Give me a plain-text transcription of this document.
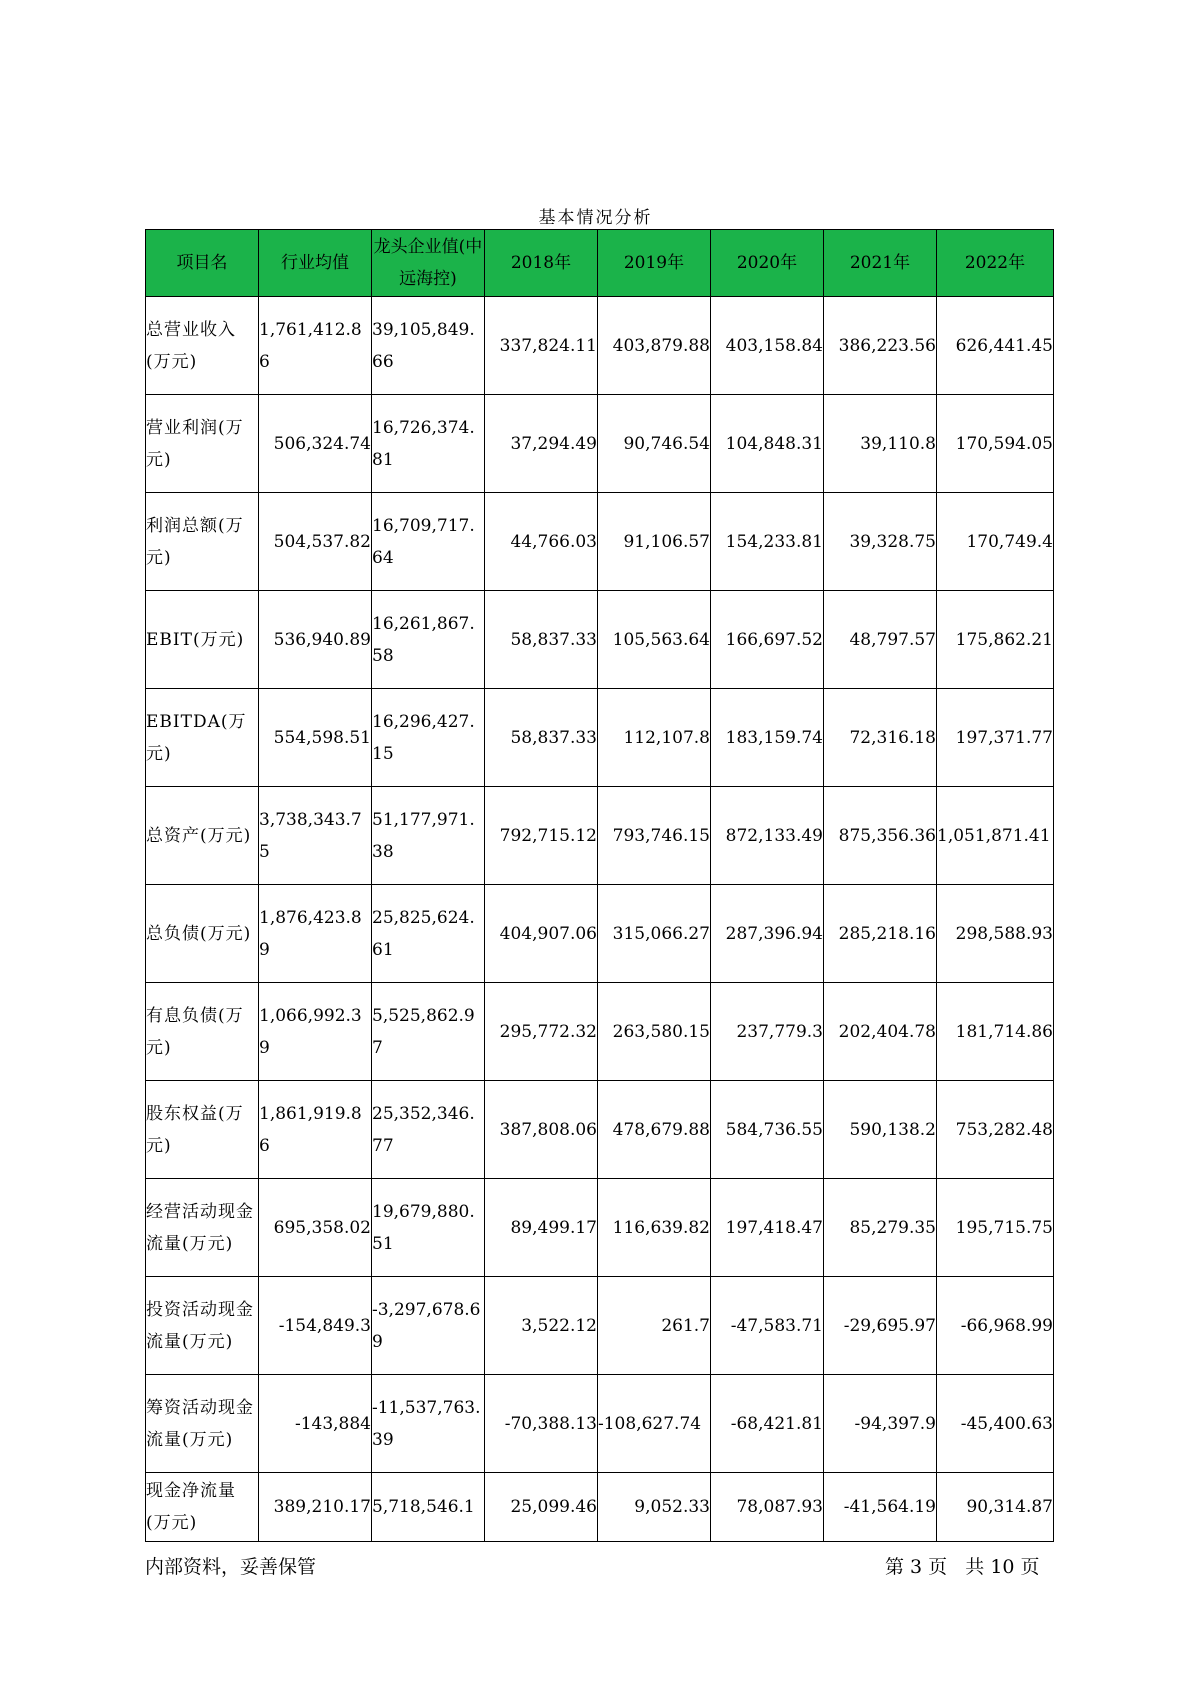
基本情况分析
项目名	行业均值	龙头企业值(中远海控)	2018年	2019年	2020年	2021年	2022年
总营业收入(万元)	1,761,412.86	39,105,849.66	337,824.11	403,879.88	403,158.84	386,223.56	626,441.45
营业利润(万元)	506,324.74	16,726,374.81	37,294.49	90,746.54	104,848.31	39,110.8	170,594.05
利润总额(万元)	504,537.82	16,709,717.64	44,766.03	91,106.57	154,233.81	39,328.75	170,749.4
EBIT(万元)	536,940.89	16,261,867.58	58,837.33	105,563.64	166,697.52	48,797.57	175,862.21
EBITDA(万元)	554,598.51	16,296,427.15	58,837.33	112,107.8	183,159.74	72,316.18	197,371.77
总资产(万元)	3,738,343.75	51,177,971.38	792,715.12	793,746.15	872,133.49	875,356.36	1,051,871.41
总负债(万元)	1,876,423.89	25,825,624.61	404,907.06	315,066.27	287,396.94	285,218.16	298,588.93
有息负债(万元)	1,066,992.39	5,525,862.97	295,772.32	263,580.15	237,779.3	202,404.78	181,714.86
股东权益(万元)	1,861,919.86	25,352,346.77	387,808.06	478,679.88	584,736.55	590,138.2	753,282.48
经营活动现金流量(万元)	695,358.02	19,679,880.51	89,499.17	116,639.82	197,418.47	85,279.35	195,715.75
投资活动现金流量(万元)	-154,849.3	-3,297,678.69	3,522.12	261.7	-47,583.71	-29,695.97	-66,968.99
筹资活动现金流量(万元)	-143,884	-11,537,763.39	-70,388.13	-108,627.74	-68,421.81	-94,397.9	-45,400.63
现金净流量(万元)	389,210.17	5,718,546.1	25,099.46	9,052.33	78,087.93	-41,564.19	90,314.87
内部资料，妥善保管	第 3 页   共 10 页
